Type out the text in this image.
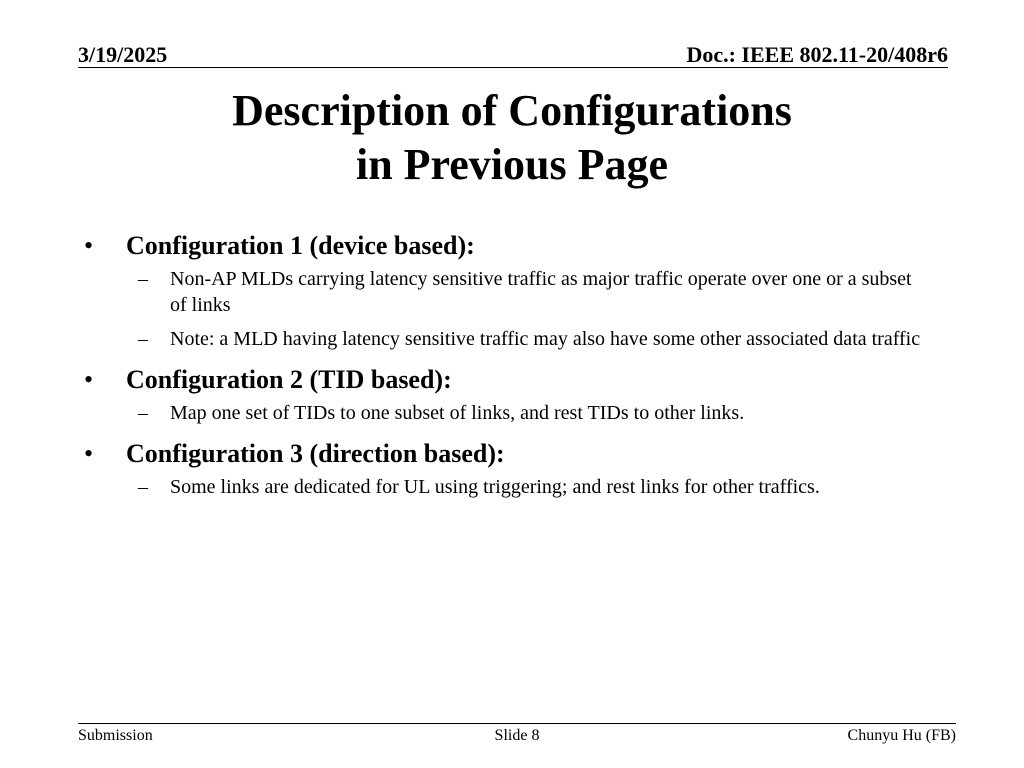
3/19/2025	Doc.: IEEE 802.11-20/408r6
Description of Configurations
in Previous Page
• Configuration 1 (device based):
– Non-AP MLDs carrying latency sensitive traffic as major traffic operate over one or a subset of links
– Note: a MLD having latency sensitive traffic may also have some other associated data traffic
• Configuration 2 (TID based):
– Map one set of TIDs to one subset of links, and rest TIDs to other links.
• Configuration 3 (direction based):
– Some links are dedicated for UL using triggering; and rest links for other traffics.
Submission	Slide 8	Chunyu Hu (FB)
